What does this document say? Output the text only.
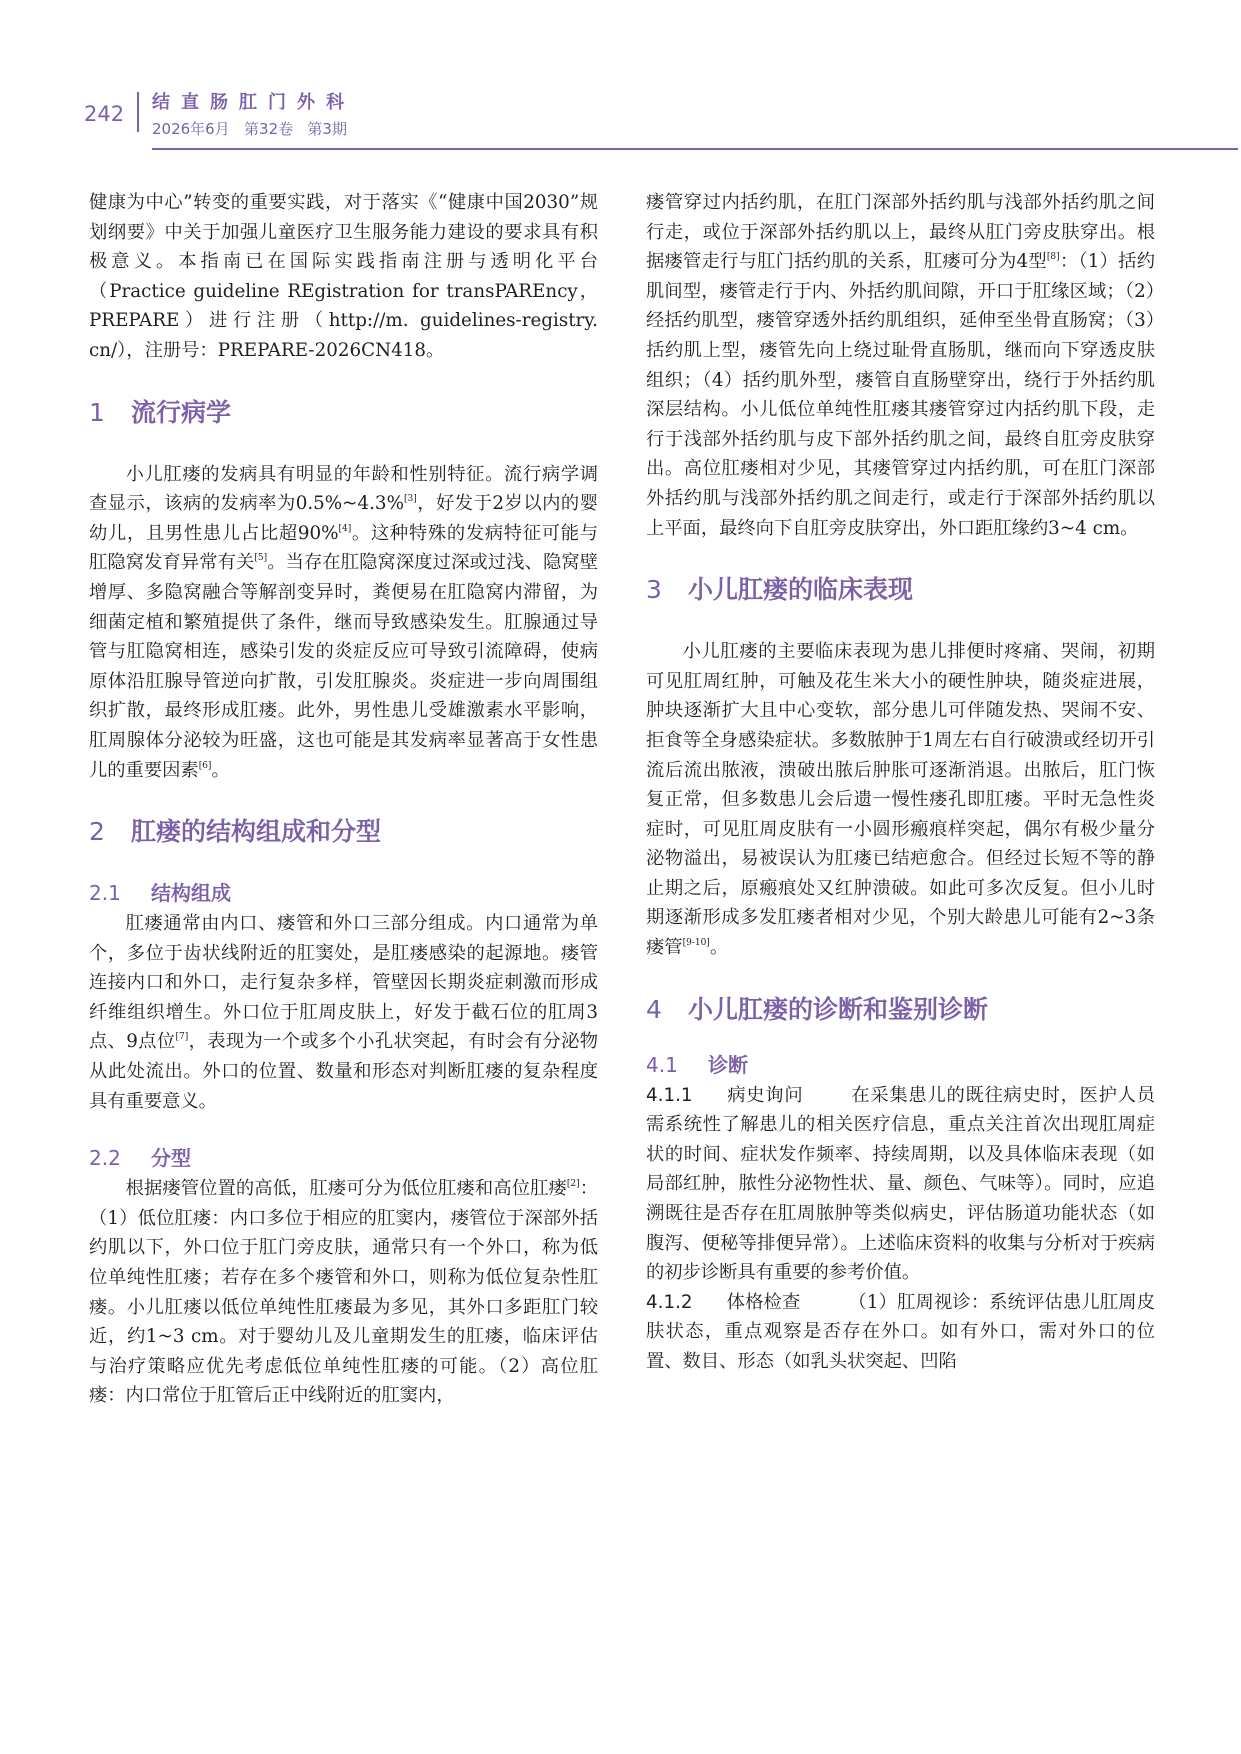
242 结直肠肛门外科
2026年6月   第32卷   第3期

健康为中心”转变的重要实践，对于落实《“健康中国2030”规划纲要》中关于加强儿童医疗卫生服务能力建设的要求具有积极意义。本指南已在国际实践指南注册与透明化平台（Practice guideline REgistration for transPAREncy，PREPARE）进行注册（http://m. guidelines-registry. cn/），注册号：PREPARE-2026CN418。

1 流行病学

小儿肛瘘的发病具有明显的年龄和性别特征。流行病学调查显示，该病的发病率为0.5%~4.3%[3]，好发于2岁以内的婴幼儿，且男性患儿占比超90%[4]。这种特殊的发病特征可能与肛隐窝发育异常有关[5]。当存在肛隐窝深度过深或过浅、隐窝壁增厚、多隐窝融合等解剖变异时，粪便易在肛隐窝内滞留，为细菌定植和繁殖提供了条件，继而导致感染发生。肛腺通过导管与肛隐窝相连，感染引发的炎症反应可导致引流障碍，使病原体沿肛腺导管逆向扩散，引发肛腺炎。炎症进一步向周围组织扩散，最终形成肛瘘。此外，男性患儿受雄激素水平影响，肛周腺体分泌较为旺盛，这也可能是其发病率显著高于女性患儿的重要因素[6]。

2 肛瘘的结构组成和分型
2.1 结构组成

肛瘘通常由内口、瘘管和外口三部分组成。内口通常为单个，多位于齿状线附近的肛窦处，是肛瘘感染的起源地。瘘管连接内口和外口，走行复杂多样，管壁因长期炎症刺激而形成纤维组织增生。外口位于肛周皮肤上，好发于截石位的肛周3点、9点位[7]，表现为一个或多个小孔状突起，有时会有分泌物从此处流出。外口的位置、数量和形态对判断肛瘘的复杂程度具有重要意义。

2.2 分型

根据瘘管位置的高低，肛瘘可分为低位肛瘘和高位肛瘘[2]：（1）低位肛瘘：内口多位于相应的肛窦内，瘘管位于深部外括约肌以下，外口位于肛门旁皮肤，通常只有一个外口，称为低位单纯性肛瘘；若存在多个瘘管和外口，则称为低位复杂性肛瘘。小儿肛瘘以低位单纯性肛瘘最为多见，其外口多距肛门较近，约1~3 cm。对于婴幼儿及儿童期发生的肛瘘，临床评估与治疗策略应优先考虑低位单纯性肛瘘的可能。（2）高位肛瘘：内口常位于肛管后正中线附近的肛窦内，

瘘管穿过内括约肌，在肛门深部外括约肌与浅部外括约肌之间行走，或位于深部外括约肌以上，最终从肛门旁皮肤穿出。根据瘘管走行与肛门括约肌的关系，肛瘘可分为4型[8]：（1）括约肌间型，瘘管走行于内、外括约肌间隙，开口于肛缘区域；（2）经括约肌型，瘘管穿透外括约肌组织，延伸至坐骨直肠窝；（3）括约肌上型，瘘管先向上绕过耻骨直肠肌，继而向下穿透皮肤组织；（4）括约肌外型，瘘管自直肠壁穿出，绕行于外括约肌深层结构。小儿低位单纯性肛瘘其瘘管穿过内括约肌下段，走行于浅部外括约肌与皮下部外括约肌之间，最终自肛旁皮肤穿出。高位肛瘘相对少见，其瘘管穿过内括约肌，可在肛门深部外括约肌与浅部外括约肌之间走行，或走行于深部外括约肌以上平面，最终向下自肛旁皮肤穿出，外口距肛缘约3~4 cm。

3 小儿肛瘘的临床表现

小儿肛瘘的主要临床表现为患儿排便时疼痛、哭闹，初期可见肛周红肿，可触及花生米大小的硬性肿块，随炎症进展，肿块逐渐扩大且中心变软，部分患儿可伴随发热、哭闹不安、拒食等全身感染症状。多数脓肿于1周左右自行破溃或经切开引流后流出脓液，溃破出脓后肿胀可逐渐消退。出脓后，肛门恢复正常，但多数患儿会后遗一慢性瘘孔即肛瘘。平时无急性炎症时，可见肛周皮肤有一小圆形瘢痕样突起，偶尔有极少量分泌物溢出，易被误认为肛瘘已结疤愈合。但经过长短不等的静止期之后，原瘢痕处又红肿溃破。如此可多次反复。但小儿时期逐渐形成多发肛瘘者相对少见，个别大龄患儿可能有2~3条瘘管[9-10]。

4 小儿肛瘘的诊断和鉴别诊断
4.1 诊断

4.1.1 病史询问	在采集患儿的既往病史时，医护人员需系统性了解患儿的相关医疗信息，重点关注首次出现肛周症状的时间、症状发作频率、持续周期，以及具体临床表现（如局部红肿，脓性分泌物性状、量、颜色、气味等）。同时，应追溯既往是否存在肛周脓肿等类似病史，评估肠道功能状态（如腹泻、便秘等排便异常）。上述临床资料的收集与分析对于疾病的初步诊断具有重要的参考价值。

4.1.2 体格检查	（1）肛周视诊：系统评估患儿肛周皮肤状态，重点观察是否存在外口。如有外口，需对外口的位置、数目、形态（如乳头状突起、凹陷
